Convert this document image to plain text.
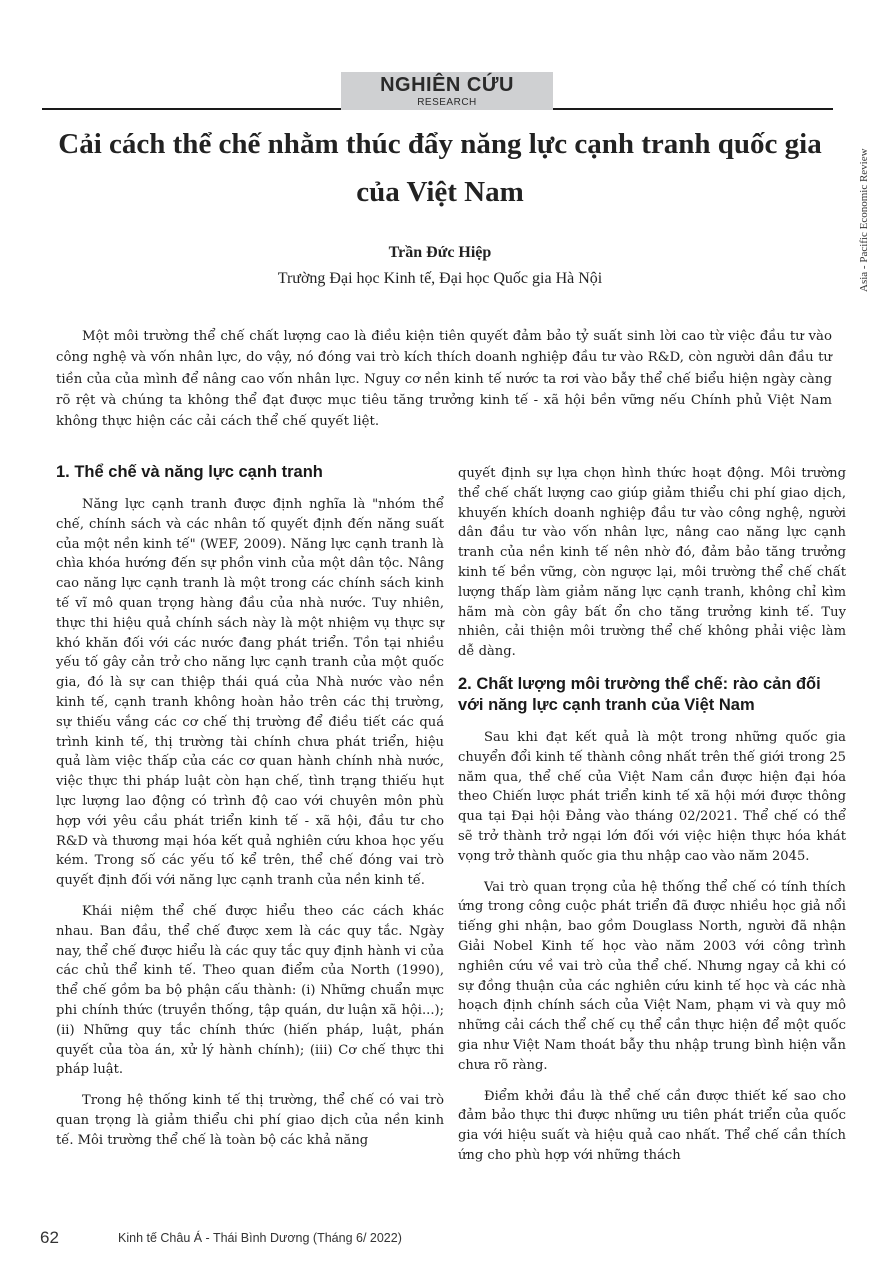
NGHIÊN CỨU
RESEARCH
Asia - Pacific Economic Review
Cải cách thể chế nhằm thúc đẩy năng lực cạnh tranh quốc gia của Việt Nam
Trần Đức Hiệp
Trường Đại học Kinh tế, Đại học Quốc gia Hà Nội

Một môi trường thể chế chất lượng cao là điều kiện tiên quyết đảm bảo tỷ suất sinh lời cao từ việc đầu tư vào công nghệ và vốn nhân lực, do vậy, nó đóng vai trò kích thích doanh nghiệp đầu tư vào R&D, còn người dân đầu tư tiền của của mình để nâng cao vốn nhân lực. Nguy cơ nền kinh tế nước ta rơi vào bẫy thể chế biểu hiện ngày càng rõ rệt và chúng ta không thể đạt được mục tiêu tăng trưởng kinh tế - xã hội bền vững nếu Chính phủ Việt Nam không thực hiện các cải cách thể chế quyết liệt.

1. Thể chế và năng lực cạnh tranh

Năng lực cạnh tranh được định nghĩa là "nhóm thể chế, chính sách và các nhân tố quyết định đến năng suất của một nền kinh tế" (WEF, 2009). Năng lực cạnh tranh là chìa khóa hướng đến sự phồn vinh của một dân tộc. Nâng cao năng lực cạnh tranh là một trong các chính sách kinh tế vĩ mô quan trọng hàng đầu của nhà nước. Tuy nhiên, thực thi hiệu quả chính sách này là một nhiệm vụ thực sự khó khăn đối với các nước đang phát triển. Tồn tại nhiều yếu tố gây cản trở cho năng lực cạnh tranh của một quốc gia, đó là sự can thiệp thái quá của Nhà nước vào nền kinh tế, cạnh tranh không hoàn hảo trên các thị trường, sự thiếu vắng các cơ chế thị trường để điều tiết các quá trình kinh tế, thị trường tài chính chưa phát triển, hiệu quả làm việc thấp của các cơ quan hành chính nhà nước, việc thực thi pháp luật còn hạn chế, tình trạng thiếu hụt lực lượng lao động có trình độ cao với chuyên môn phù hợp với yêu cầu phát triển kinh tế - xã hội, đầu tư cho R&D và thương mại hóa kết quả nghiên cứu khoa học yếu kém. Trong số các yếu tố kể trên, thể chế đóng vai trò quyết định đối với năng lực cạnh tranh của nền kinh tế.

Khái niệm thể chế được hiểu theo các cách khác nhau. Ban đầu, thể chế được xem là các quy tắc. Ngày nay, thể chế được hiểu là các quy tắc quy định hành vi của các chủ thể kinh tế. Theo quan điểm của North (1990), thể chế gồm ba bộ phận cấu thành: (i) Những chuẩn mực phi chính thức (truyền thống, tập quán, dư luận xã hội...); (ii) Những quy tắc chính thức (hiến pháp, luật, phán quyết của tòa án, xử lý hành chính); (iii) Cơ chế thực thi pháp luật.

Trong hệ thống kinh tế thị trường, thể chế có vai trò quan trọng là giảm thiểu chi phí giao dịch của nền kinh tế. Môi trường thể chế là toàn bộ các khả năng

quyết định sự lựa chọn hình thức hoạt động. Môi trường thể chế chất lượng cao giúp giảm thiểu chi phí giao dịch, khuyến khích doanh nghiệp đầu tư vào công nghệ, người dân đầu tư vào vốn nhân lực, nâng cao năng lực cạnh tranh của nền kinh tế nên nhờ đó, đảm bảo tăng trưởng kinh tế bền vững, còn ngược lại, môi trường thể chế chất lượng thấp làm giảm năng lực cạnh tranh, không chỉ kìm hãm mà còn gây bất ổn cho tăng trưởng kinh tế. Tuy nhiên, cải thiện môi trường thể chế không phải việc làm dễ dàng.

2. Chất lượng môi trường thể chế: rào cản đối với năng lực cạnh tranh của Việt Nam

Sau khi đạt kết quả là một trong những quốc gia chuyển đổi kinh tế thành công nhất trên thế giới trong 25 năm qua, thể chế của Việt Nam cần được hiện đại hóa theo Chiến lược phát triển kinh tế xã hội mới được thông qua tại Đại hội Đảng vào tháng 02/2021. Thể chế có thể sẽ trở thành trở ngại lớn đối với việc hiện thực hóa khát vọng trở thành quốc gia thu nhập cao vào năm 2045.

Vai trò quan trọng của hệ thống thể chế có tính thích ứng trong công cuộc phát triển đã được nhiều học giả nổi tiếng ghi nhận, bao gồm Douglass North, người đã nhận Giải Nobel Kinh tế học vào năm 2003 với công trình nghiên cứu về vai trò của thể chế. Nhưng ngay cả khi có sự đồng thuận của các nghiên cứu kinh tế học và các nhà hoạch định chính sách của Việt Nam, phạm vi và quy mô những cải cách thể chế cụ thể cần thực hiện để một quốc gia như Việt Nam thoát bẫy thu nhập trung bình hiện vẫn chưa rõ ràng.

Điểm khởi đầu là thể chế cần được thiết kế sao cho đảm bảo thực thi được những ưu tiên phát triển của quốc gia với hiệu suất và hiệu quả cao nhất. Thể chế cần thích ứng cho phù hợp với những thách

62	Kinh tế Châu Á - Thái Bình Dương (Tháng 6/ 2022)
